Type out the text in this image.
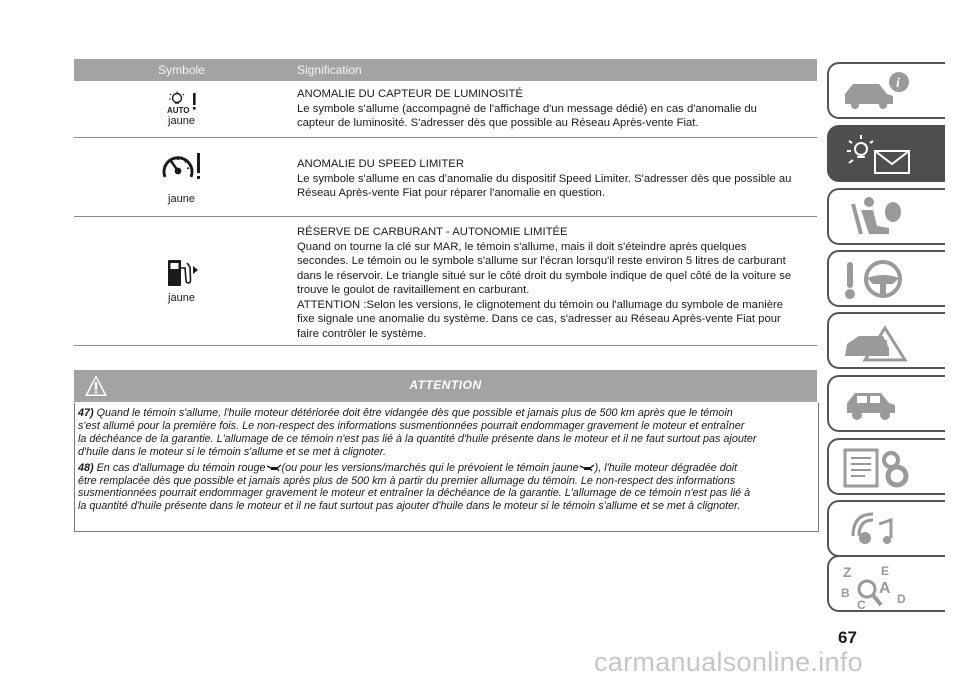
Symbole	Signification
AUTO
jaune
ANOMALIE DU CAPTEUR DE LUMINOSITÉ
Le symbole s'allume (accompagné de l'affichage d'un message dédié) en cas d'anomalie du
capteur de luminosité. S'adresser dès que possible au Réseau Après-vente Fiat.
jaune
ANOMALIE DU SPEED LIMITER
Le symbole s'allume en cas d'anomalie du dispositif Speed Limiter. S'adresser dès que possible au
Réseau Après-vente Fiat pour réparer l'anomalie en question.
jaune
RÉSERVE DE CARBURANT - AUTONOMIE LIMITÉE
Quand on tourne la clé sur MAR, le témoin s'allume, mais il doit s'éteindre après quelques
secondes. Le témoin ou le symbole s'allume sur l'écran lorsqu'il reste environ 5 litres de carburant
dans le réservoir. Le triangle situé sur le côté droit du symbole indique de quel côté de la voiture se
trouve le goulot de ravitaillement en carburant.
ATTENTION :Selon les versions, le clignotement du témoin ou l'allumage du symbole de manière
fixe signale une anomalie du système. Dans ce cas, s'adresser au Réseau Après-vente Fiat pour
faire contrôler le système.
ATTENTION

47) Quand le témoin s'allume, l'huile moteur détériorée doit être vidangée dès que possible et jamais plus de 500 km après que le témoin
s'est allumé pour la première fois. Le non-respect des informations susmentionnées pourrait endommager gravement le moteur et entraîner
la déchéance de la garantie. L'allumage de ce témoin n'est pas lié à la quantité d'huile présente dans le moteur et il ne faut surtout pas ajouter
d'huile dans le moteur si le témoin s'allume et se met à clignoter.

48) En cas d'allumage du témoin rouge (ou pour les versions/marchés qui le prévoient le témoin jaune ), l'huile moteur dégradée doit
être remplacée dès que possible et jamais après plus de 500 km à partir du premier allumage du témoin. Le non-respect des informations
susmentionnées pourrait endommager gravement le moteur et entraîner la déchéance de la garantie. L'allumage de ce témoin n'est pas lié à
la quantité d'huile présente dans le moteur et il ne faut surtout pas ajouter d'huile dans le moteur si le témoin s'allume et se met à clignoter.

i
Z E
A
B
C	D
67
carmanualsonline.info
